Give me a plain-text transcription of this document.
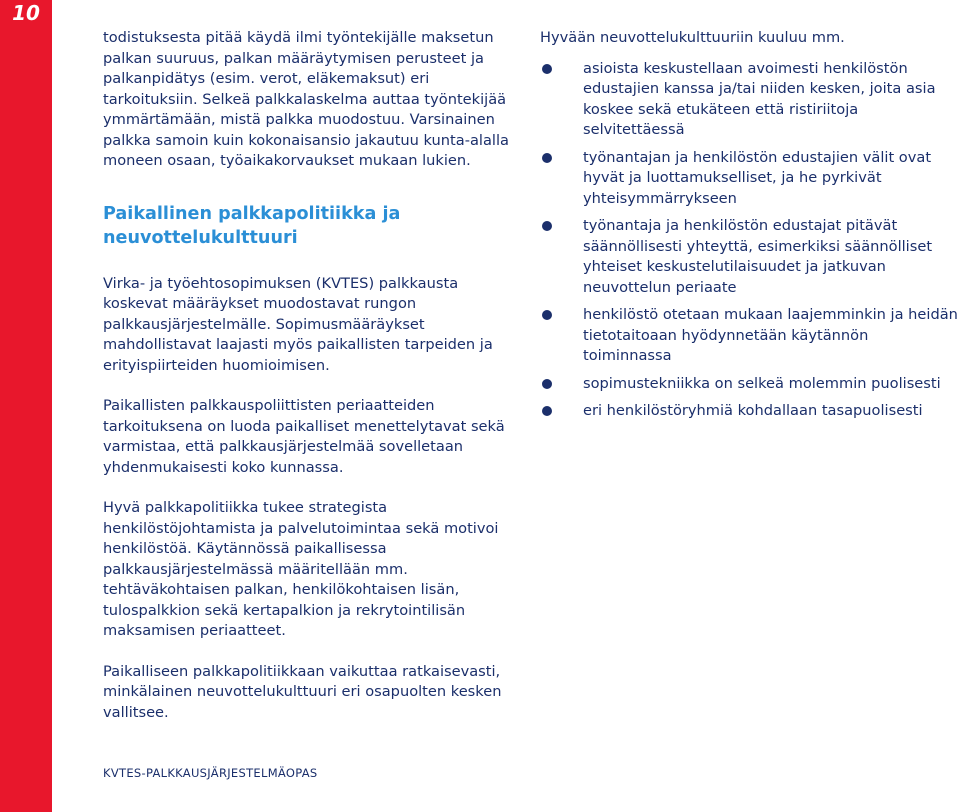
10

todistuksesta pitää käydä ilmi työntekijälle maksetun palkan suuruus, palkan määräytymisen perusteet ja palkanpidätys (esim. verot, eläkemaksut) eri tarkoituksiin. Selkeä palkkalaskelma auttaa työntekijää ymmärtämään, mistä palkka muodostuu. Varsinainen palkka samoin kuin kokonaisansio jakautuu kunta-alalla moneen osaan, työaikakorvaukset mukaan lukien.

Paikallinen palkkapolitiikka ja neuvottelukulttuuri

Virka- ja työehtosopimuksen (KVTES) palkkausta koskevat määräykset muodostavat rungon palkkausjärjestelmälle. Sopimusmääräykset mahdollistavat laajasti myös paikallisten tarpeiden ja erityispiirteiden huomioimisen.

Paikallisten palkkauspoliittisten periaatteiden tarkoituksena on luoda paikalliset menettelytavat sekä varmistaa, että palkkausjärjestelmää sovelletaan yhdenmukaisesti koko kunnassa.

Hyvä palkkapolitiikka tukee strategista henkilöstöjohtamista ja palvelutoimintaa sekä motivoi henkilöstöä. Käytännössä paikallisessa palkkausjärjestelmässä määritellään mm. tehtäväkohtaisen palkan, henkilökohtaisen lisän, tulospalkkion sekä kertapalkion ja rekrytointilisän maksamisen periaatteet.

Paikalliseen palkkapolitiikkaan vaikuttaa ratkaisevasti, minkälainen neuvottelukulttuuri eri osapuolten kesken vallitsee.

Hyvään neuvottelukulttuuriin kuuluu mm.

asioista keskustellaan avoimesti henkilöstön edustajien kanssa ja/tai niiden kesken, joita asia koskee sekä etukäteen että ristiriitoja selvitettäessä

työnantajan ja henkilöstön edustajien välit ovat hyvät ja luottamukselliset, ja he pyrkivät yhteisymmärrykseen

työnantaja ja henkilöstön edustajat pitävät säännöllisesti yhteyttä, esimerkiksi säännölliset yhteiset keskustelutilaisuudet ja jatkuvan neuvottelun periaate

henkilöstö otetaan mukaan laajemminkin ja heidän tietotaitoaan hyödynnetään käytännön toiminnassa

sopimustekniikka on selkeä molemmin puolisesti

eri henkilöstöryhmiä kohdallaan tasapuolisesti

KVTES-PALKKAUSJÄRJESTELMÄOPAS
